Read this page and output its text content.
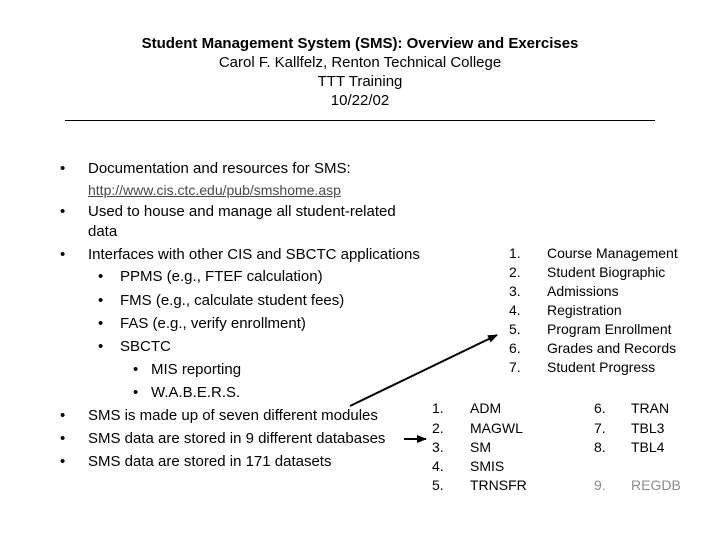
Student Management System (SMS): Overview and Exercises
Carol F. Kallfelz, Renton Technical College
TTT Training
10/22/02
• Documentation and resources for SMS:
http://www.cis.ctc.edu/pub/smshome.asp
• Used to house and manage all student-related
data
• Interfaces with other CIS and SBCTC applications
• PPMS (e.g., FTEF calculation)
• FMS (e.g., calculate student fees)
• FAS (e.g., verify enrollment)
• SBCTC
• MIS reporting
• W.A.B.E.R.S.
• SMS is made up of seven different modules
• SMS data are stored in 9 different databases
• SMS data are stored in 171 datasets
1. Course Management
2. Student Biographic
3. Admissions
4. Registration
5. Program Enrollment
6. Grades and Records
7. Student Progress
1. ADM
2. MAGWL
3. SM
4. SMIS
5. TRNSFR
6. TRAN
7. TBL3
8. TBL4
9. REGDB
